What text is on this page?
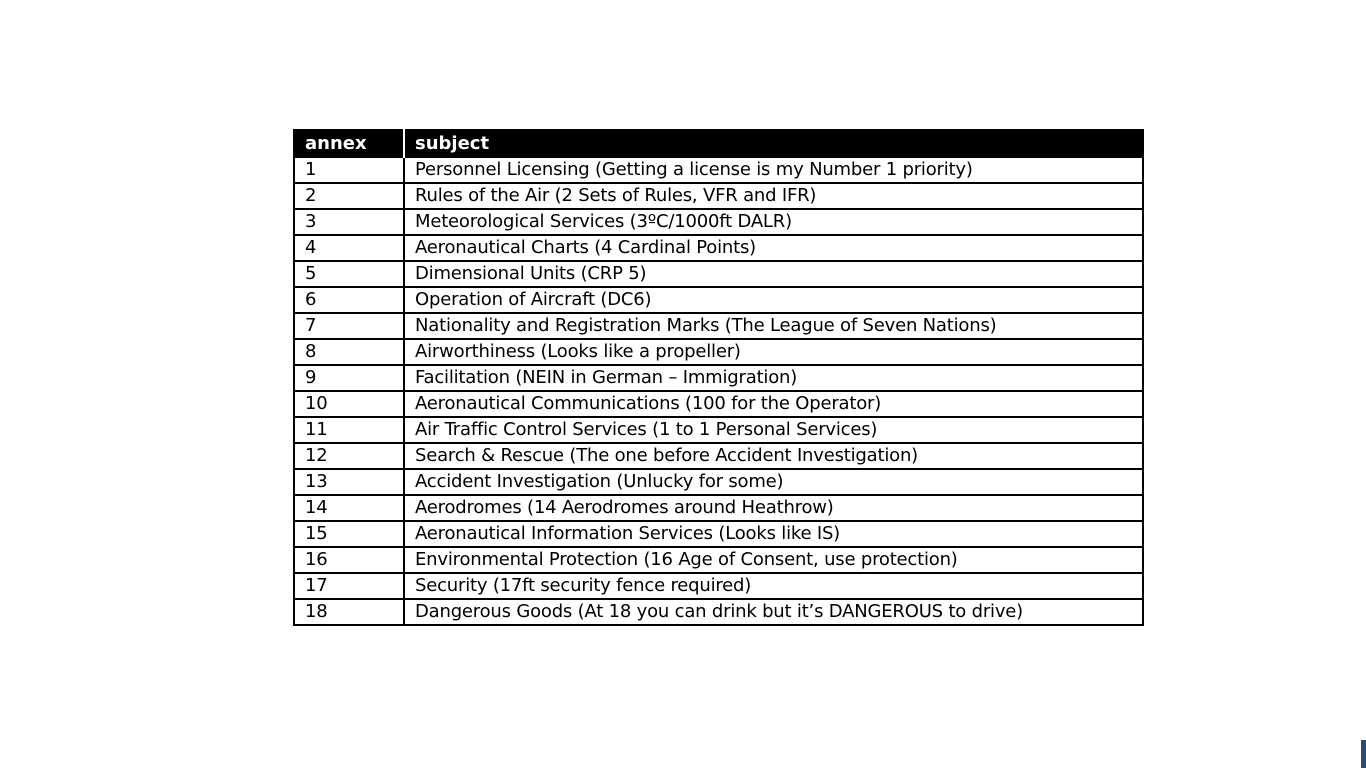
annex	subject
1	Personnel Licensing (Getting a license is my Number 1 priority)
2	Rules of the Air (2 Sets of Rules, VFR and IFR)
3	Meteorological Services (3ºC/1000ft DALR)
4	Aeronautical Charts (4 Cardinal Points)
5	Dimensional Units (CRP 5)
6	Operation of Aircraft (DC6)
7	Nationality and Registration Marks (The League of Seven Nations)
8	Airworthiness (Looks like a propeller)
9	Facilitation (NEIN in German – Immigration)
10	Aeronautical Communications (100 for the Operator)
11	Air Traffic Control Services (1 to 1 Personal Services)
12	Search & Rescue (The one before Accident Investigation)
13	Accident Investigation (Unlucky for some)
14	Aerodromes (14 Aerodromes around Heathrow)
15	Aeronautical Information Services (Looks like IS)
16	Environmental Protection (16 Age of Consent, use protection)
17	Security (17ft security fence required)
18	Dangerous Goods (At 18 you can drink but it’s DANGEROUS to drive)
